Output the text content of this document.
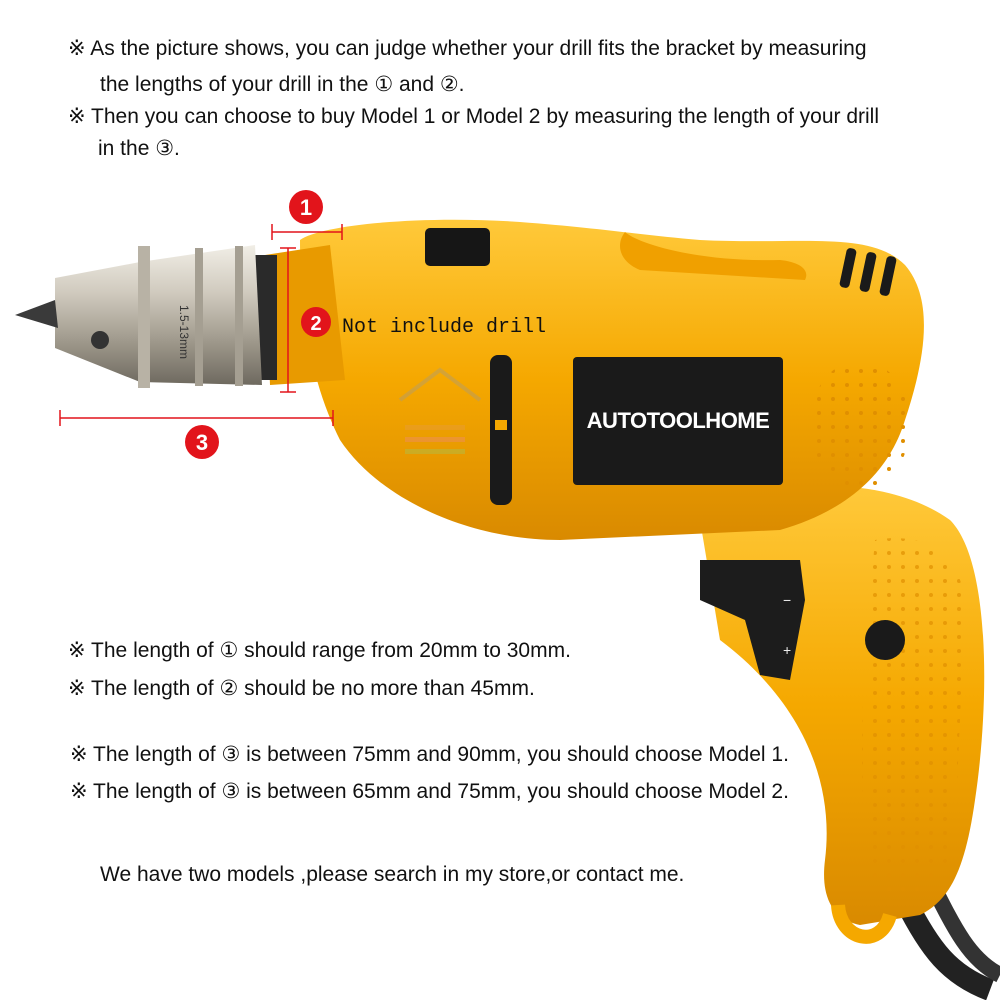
−
+
AUTOTOOLHOME
1.5-13mm
1
2 Not include drill
3
※ As the picture shows, you can judge whether your drill fits the bracket by measuring
the lengths of your drill in the ① and ②.
※ Then you can choose to buy Model 1 or Model 2 by measuring the length of your drill
in the ③.
※ The length of ① should range from 20mm to 30mm.
※ The length of ② should be no more than 45mm.
※ The length of ③ is between 75mm and 90mm, you should choose Model 1.
※ The length of ③ is between 65mm and 75mm, you should choose Model 2.
We have two models ,please search in my store,or contact me.
